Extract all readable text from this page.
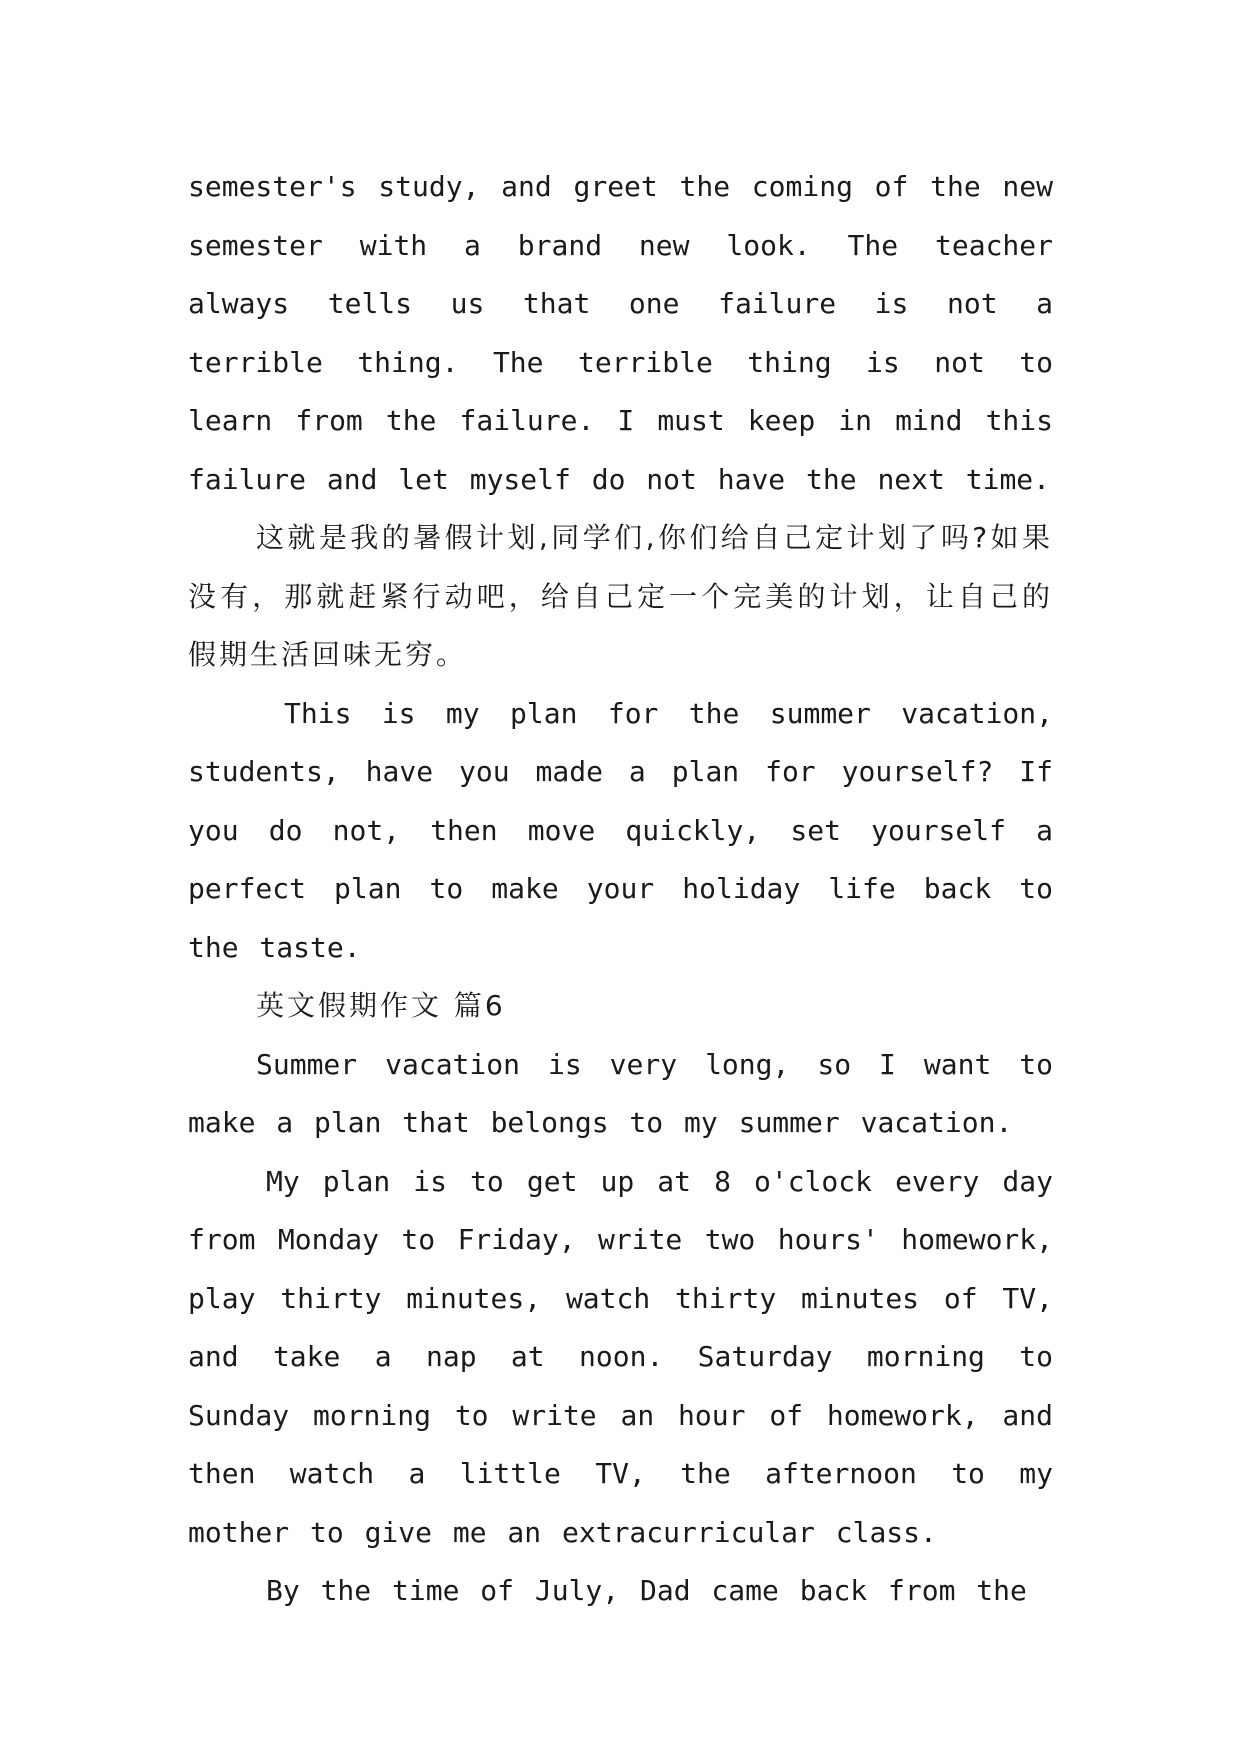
semester's study, and greet the coming of the new semester with a brand new look. The teacher always tells us that one failure is not a terrible thing. The terrible thing is not to learn from the failure. I must keep in mind this failure and let myself do not have the next time.

这就是我的暑假计划,同学们,你们给自己定计划了吗?如果没有，那就赶紧行动吧，给自己定一个完美的计划，让自己的假期生活回味无穷。

This is my plan for the summer vacation, students, have you made a plan for yourself? If you do not, then move quickly, set yourself a perfect plan to make your holiday life back to the taste.

英文假期作文 篇6

Summer vacation is very long, so I want to make a plan that belongs to my summer vacation.

My plan is to get up at 8 o'clock every day from Monday to Friday, write two hours' homework, play thirty minutes, watch thirty minutes of TV, and take a nap at noon. Saturday morning to Sunday morning to write an hour of homework, and then watch a little TV, the afternoon to my mother to give me an extracurricular class.

By the time of July, Dad came back from the
